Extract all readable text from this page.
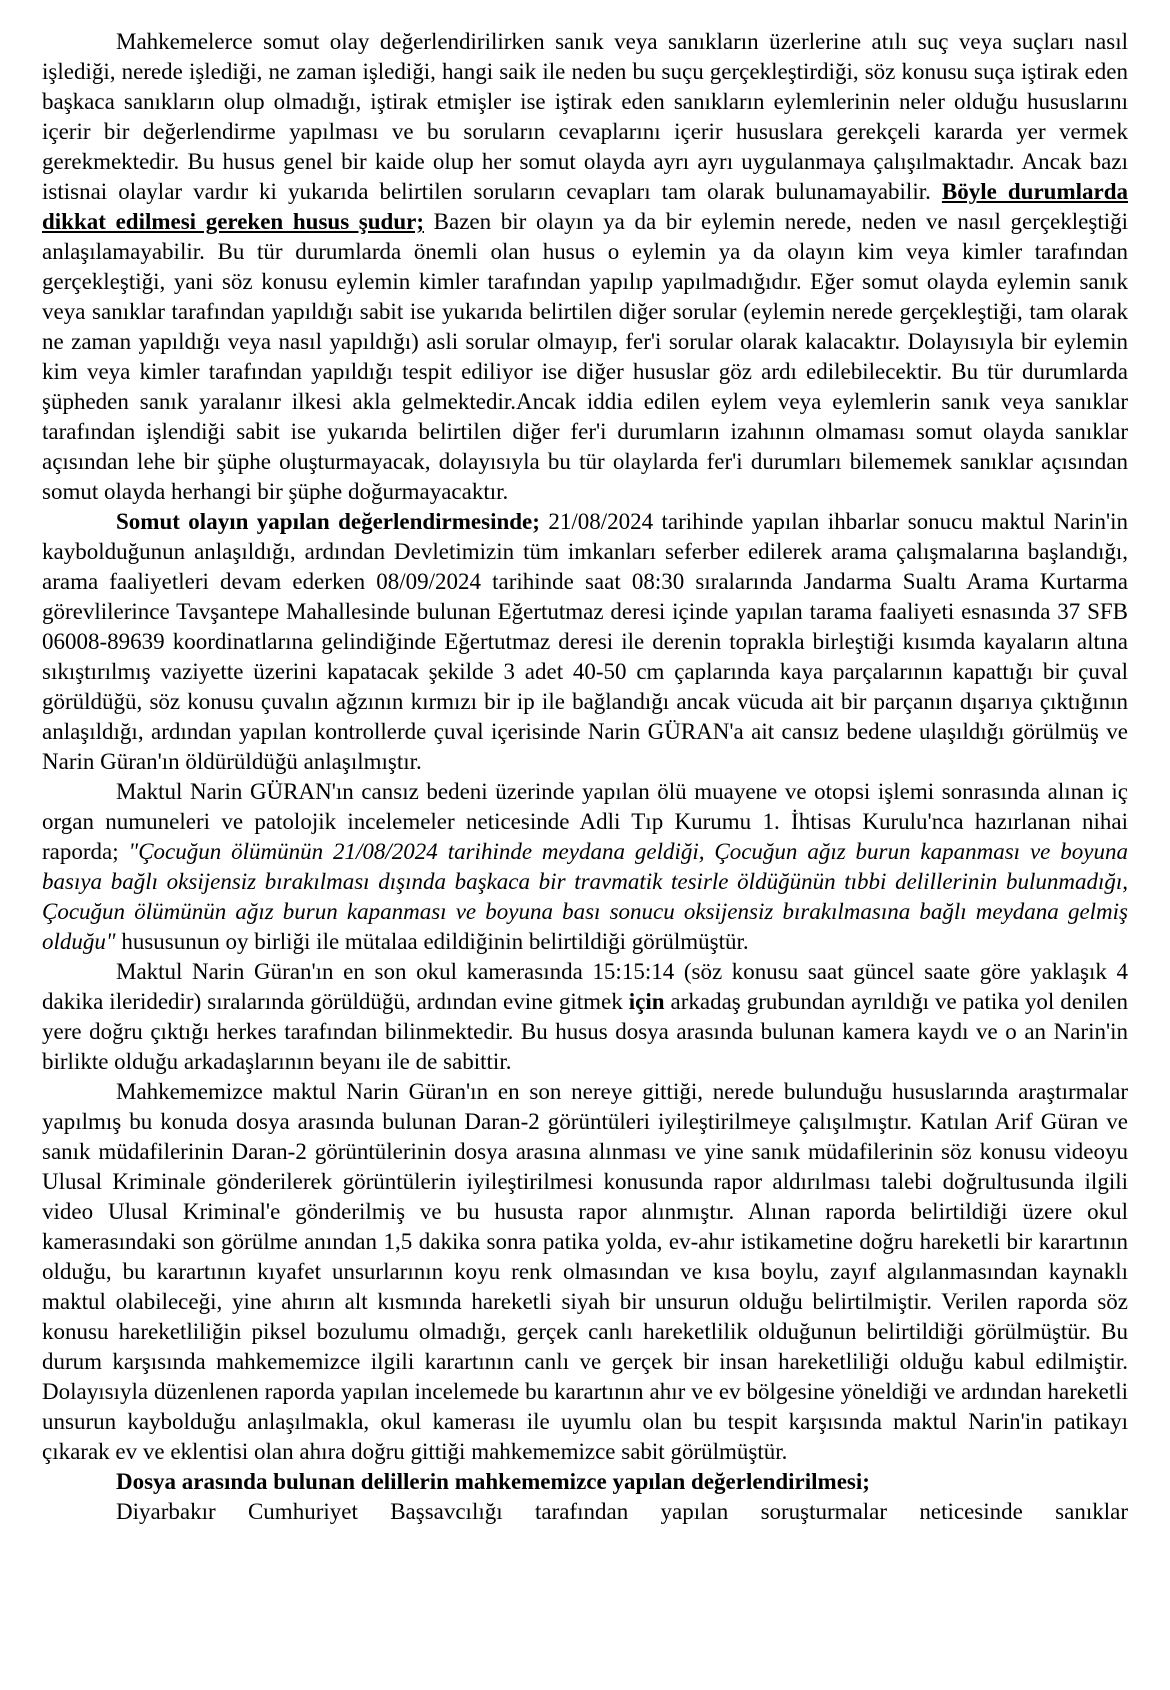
Mahkemelerce somut olay değerlendirilirken sanık veya sanıkların üzerlerine atılı suç veya suçları nasıl işlediği, nerede işlediği, ne zaman işlediği, hangi saik ile neden bu suçu gerçekleştirdiği, söz konusu suça iştirak eden başkaca sanıkların olup olmadığı, iştirak etmişler ise iştirak eden sanıkların eylemlerinin neler olduğu hususlarını içerir bir değerlendirme yapılması ve bu soruların cevaplarını içerir hususlara gerekçeli kararda yer vermek gerekmektedir. Bu husus genel bir kaide olup her somut olayda ayrı ayrı uygulanmaya çalışılmaktadır. Ancak bazı istisnai olaylar vardır ki yukarıda belirtilen soruların cevapları tam olarak bulunamayabilir. Böyle durumlarda dikkat edilmesi gereken husus şudur; Bazen bir olayın ya da bir eylemin nerede, neden ve nasıl gerçekleştiği anlaşılamayabilir. Bu tür durumlarda önemli olan husus o eylemin ya da olayın kim veya kimler tarafından gerçekleştiği, yani söz konusu eylemin kimler tarafından yapılıp yapılmadığıdır. Eğer somut olayda eylemin sanık veya sanıklar tarafından yapıldığı sabit ise yukarıda belirtilen diğer sorular (eylemin nerede gerçekleştiği, tam olarak ne zaman yapıldığı veya nasıl yapıldığı) asli sorular olmayıp, fer'i sorular olarak kalacaktır. Dolayısıyla bir eylemin kim veya kimler tarafından yapıldığı tespit ediliyor ise diğer hususlar göz ardı edilebilecektir. Bu tür durumlarda şüpheden sanık yaralanır ilkesi akla gelmektedir.Ancak iddia edilen eylem veya eylemlerin sanık veya sanıklar tarafından işlendiği sabit ise yukarıda belirtilen diğer fer'i durumların izahının olmaması somut olayda sanıklar açısından lehe bir şüphe oluşturmayacak, dolayısıyla bu tür olaylarda fer'i durumları bilememek sanıklar açısından somut olayda herhangi bir şüphe doğurmayacaktır.

Somut olayın yapılan değerlendirmesinde; 21/08/2024 tarihinde yapılan ihbarlar sonucu maktul Narin'in kaybolduğunun anlaşıldığı, ardından Devletimizin tüm imkanları seferber edilerek arama çalışmalarına başlandığı, arama faaliyetleri devam ederken 08/09/2024 tarihinde saat 08:30 sıralarında Jandarma Sualtı Arama Kurtarma görevlilerince Tavşantepe Mahallesinde bulunan Eğertutmaz deresi içinde yapılan tarama faaliyeti esnasında 37 SFB 06008-89639 koordinatlarına gelindiğinde Eğertutmaz deresi ile derenin toprakla birleştiği kısımda kayaların altına sıkıştırılmış vaziyette üzerini kapatacak şekilde 3 adet 40-50 cm çaplarında kaya parçalarının kapattığı bir çuval görüldüğü, söz konusu çuvalın ağzının kırmızı bir ip ile bağlandığı ancak vücuda ait bir parçanın dışarıya çıktığının anlaşıldığı, ardından yapılan kontrollerde çuval içerisinde Narin GÜRAN'a ait cansız bedene ulaşıldığı görülmüş ve Narin Güran'ın öldürüldüğü anlaşılmıştır.

Maktul Narin GÜRAN'ın cansız bedeni üzerinde yapılan ölü muayene ve otopsi işlemi sonrasında alınan iç organ numuneleri ve patolojik incelemeler neticesinde Adli Tıp Kurumu 1. İhtisas Kurulu'nca hazırlanan nihai raporda; "Çocuğun ölümünün 21/08/2024 tarihinde meydana geldiği, Çocuğun ağız burun kapanması ve boyuna basıya bağlı oksijensiz bırakılması dışında başkaca bir travmatik tesirle öldüğünün tıbbi delillerinin bulunmadığı, Çocuğun ölümünün ağız burun kapanması ve boyuna bası sonucu oksijensiz bırakılmasına bağlı meydana gelmiş olduğu" hususunun oy birliği ile mütalaa edildiğinin belirtildiği görülmüştür.

Maktul Narin Güran'ın en son okul kamerasında 15:15:14 (söz konusu saat güncel saate göre yaklaşık 4 dakika ileridedir) sıralarında görüldüğü, ardından evine gitmek için arkadaş grubundan ayrıldığı ve patika yol denilen yere doğru çıktığı herkes tarafından bilinmektedir. Bu husus dosya arasında bulunan kamera kaydı ve o an Narin'in birlikte olduğu arkadaşlarının beyanı ile de sabittir.

Mahkememizce maktul Narin Güran'ın en son nereye gittiği, nerede bulunduğu hususlarında araştırmalar yapılmış bu konuda dosya arasında bulunan Daran-2 görüntüleri iyileştirilmeye çalışılmıştır. Katılan Arif Güran ve sanık müdafilerinin Daran-2 görüntülerinin dosya arasına alınması ve yine sanık müdafilerinin söz konusu videoyu Ulusal Kriminale gönderilerek görüntülerin iyileştirilmesi konusunda rapor aldırılması talebi doğrultusunda ilgili video Ulusal Kriminal'e gönderilmiş ve bu hususta rapor alınmıştır. Alınan raporda belirtildiği üzere okul kamerasındaki son görülme anından 1,5 dakika sonra patika yolda, ev-ahır istikametine doğru hareketli bir karartının olduğu, bu karartının kıyafet unsurlarının koyu renk olmasından ve kısa boylu, zayıf algılanmasından kaynaklı maktul olabileceği, yine ahırın alt kısmında hareketli siyah bir unsurun olduğu belirtilmiştir. Verilen raporda söz konusu hareketliliğin piksel bozulumu olmadığı, gerçek canlı hareketlilik olduğunun belirtildiği görülmüştür. Bu durum karşısında mahkememizce ilgili karartının canlı ve gerçek bir insan hareketliliği olduğu kabul edilmiştir. Dolayısıyla düzenlenen raporda yapılan incelemede bu karartının ahır ve ev bölgesine yöneldiği ve ardından hareketli unsurun kaybolduğu anlaşılmakla, okul kamerası ile uyumlu olan bu tespit karşısında maktul Narin'in patikayı çıkarak ev ve eklentisi olan ahıra doğru gittiği mahkememizce sabit görülmüştür.

Dosya arasında bulunan delillerin mahkememizce yapılan değerlendirilmesi;

Diyarbakır Cumhuriyet Başsavcılığı tarafından yapılan soruşturmalar neticesinde sanıklar
